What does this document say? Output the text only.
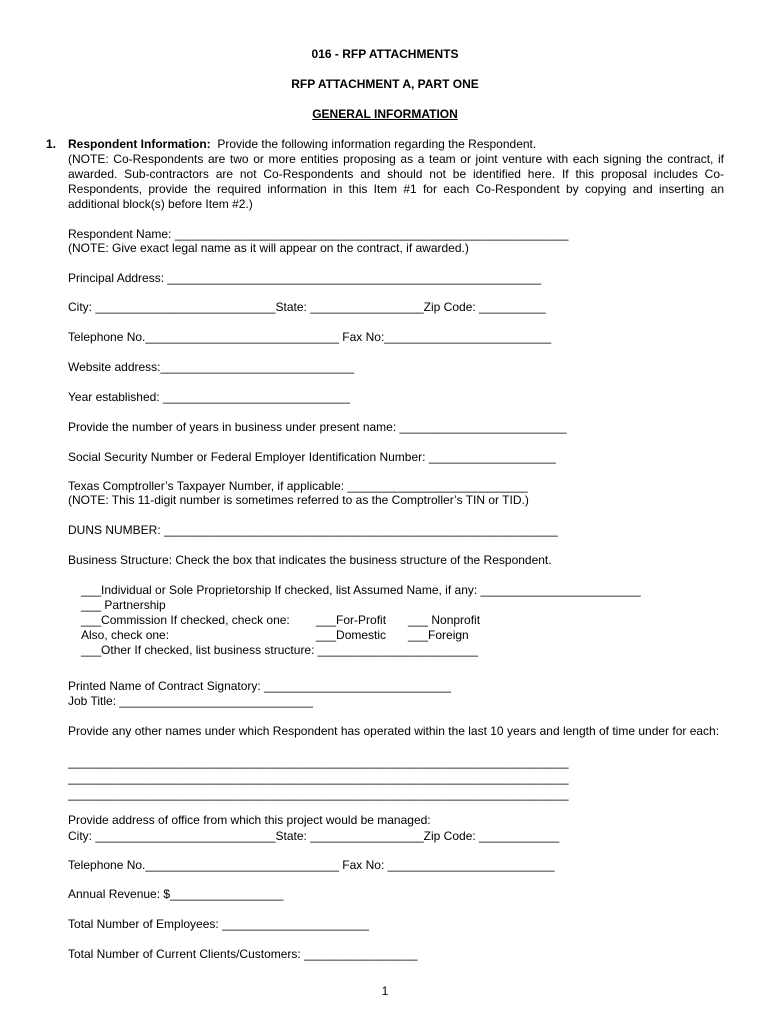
016 - RFP ATTACHMENTS
RFP ATTACHMENT A, PART ONE
GENERAL INFORMATION
1. Respondent Information: Provide the following information regarding the Respondent.
(NOTE: Co-Respondents are two or more entities proposing as a team or joint venture with each signing the contract, if awarded. Sub-contractors are not Co-Respondents and should not be identified here. If this proposal includes Co-Respondents, provide the required information in this Item #1 for each Co-Respondent by copying and inserting an additional block(s) before Item #2.)
Respondent Name: ___________________________________________________________
(NOTE: Give exact legal name as it will appear on the contract, if awarded.)
Principal Address: ________________________________________________________
City: ___________________________State: _________________Zip Code: __________
Telephone No._____________________________ Fax No:_________________________
Website address:_____________________________
Year established: ____________________________
Provide the number of years in business under present name: _________________________
Social Security Number or Federal Employer Identification Number: ___________________
Texas Comptroller’s Taxpayer Number, if applicable: ___________________________
(NOTE: This 11-digit number is sometimes referred to as the Comptroller’s TIN or TID.)
DUNS NUMBER: ___________________________________________________________
Business Structure: Check the box that indicates the business structure of the Respondent.
___Individual or Sole Proprietorship If checked, list Assumed Name, if any: ________________________
___ Partnership
___Commission If checked, check one: ___For-Profit ___ Nonprofit
Also, check one:	___Domestic ___Foreign
___Other If checked, list business structure: ________________________
Printed Name of Contract Signatory: ____________________________
Job Title: _____________________________
Provide any other names under which Respondent has operated within the last 10 years and length of time under for each:
___________________________________________________________________________
___________________________________________________________________________
___________________________________________________________________________
Provide address of office from which this project would be managed:
City: ___________________________State: _________________Zip Code: ____________
Telephone No._____________________________ Fax No: _________________________
Annual Revenue: $_________________
Total Number of Employees: ______________________
Total Number of Current Clients/Customers: _________________
1
